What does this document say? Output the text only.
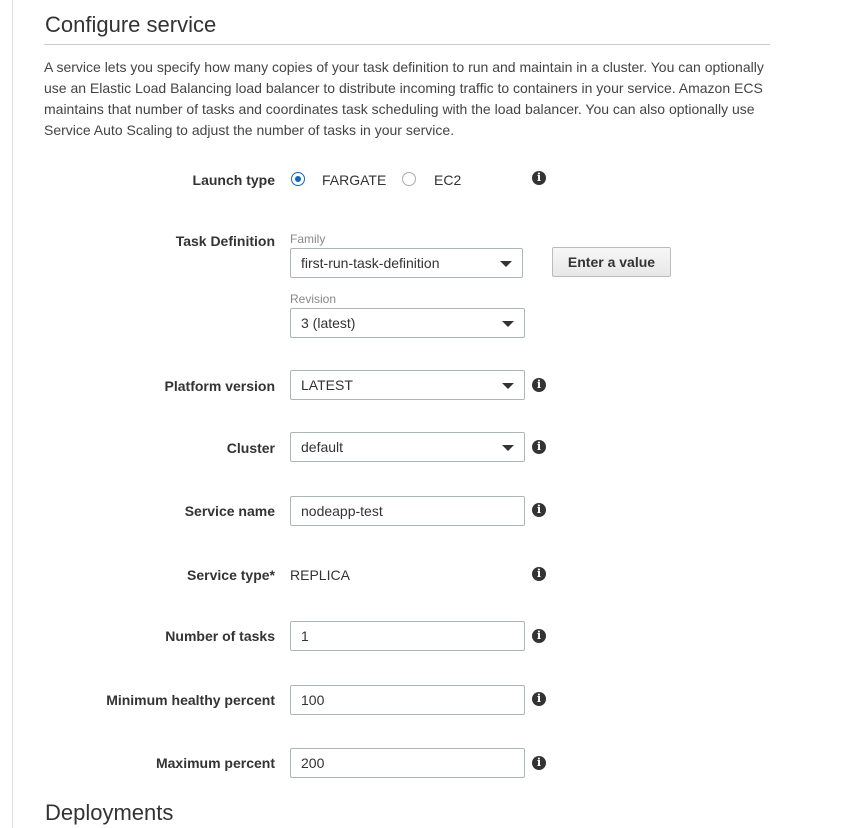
Configure service

A service lets you specify how many copies of your task definition to run and maintain in a cluster. You can optionally use an Elastic Load Balancing load balancer to distribute incoming traffic to containers in your service. Amazon ECS maintains that number of tasks and coordinates task scheduling with the load balancer. You can also optionally use Service Auto Scaling to adjust the number of tasks in your service.

Launch type	FARGATE	EC2	i
Task Definition Family
first-run-task-definition	Enter a value
Revision
3 (latest)
Platform version	LATEST	i
Cluster	default	i
Service name	nodeapp-test	i
Service type* REPLICA	i
Number of tasks	1	i
Minimum healthy percent	100	i
Maximum percent	200	i
Deployments
